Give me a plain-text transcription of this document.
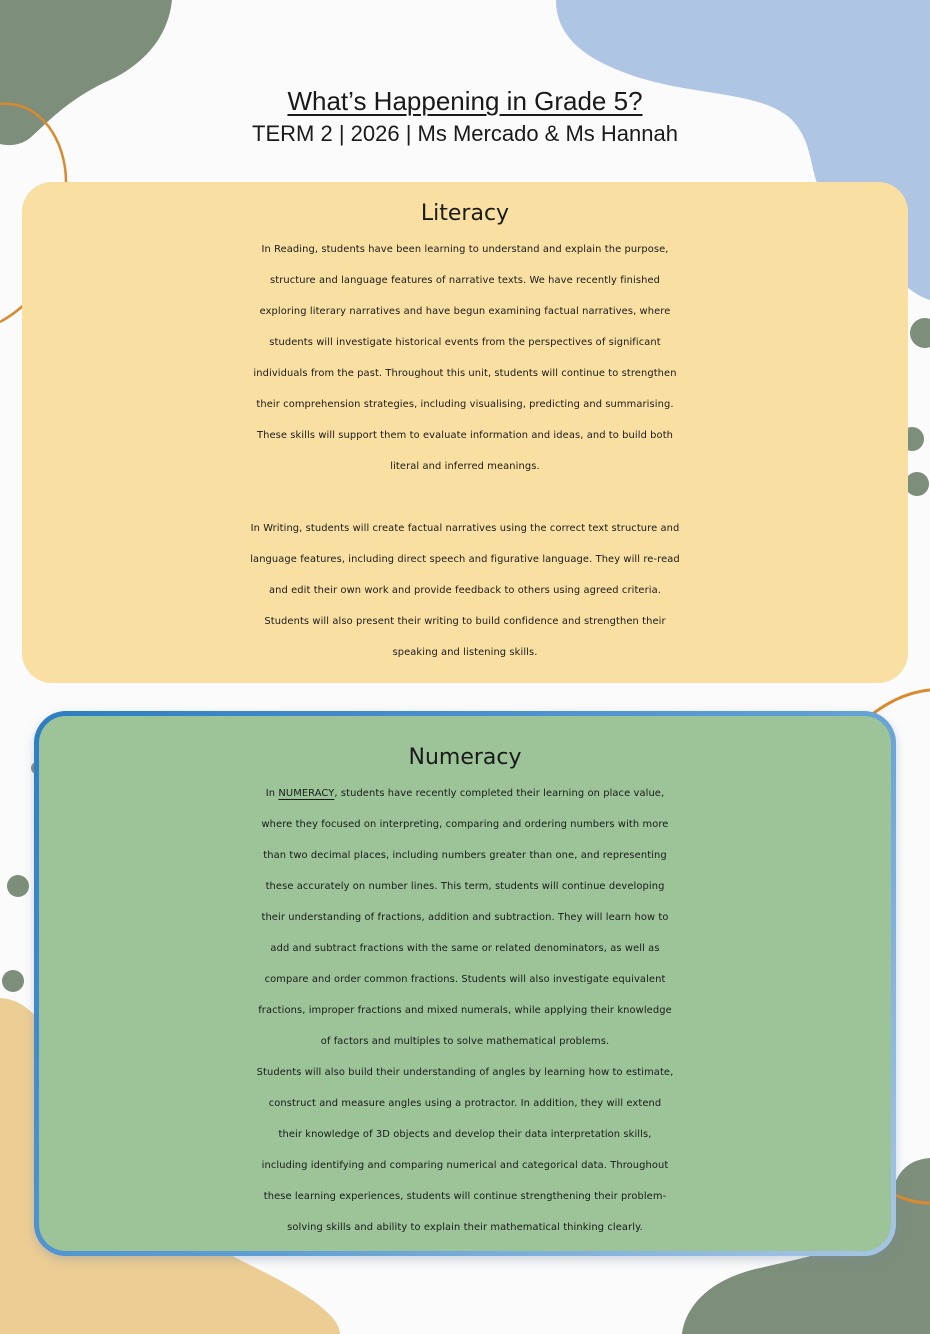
What’s Happening in Grade 5?
TERM 2 | 2026 | Ms Mercado & Ms Hannah
Literacy
In Reading, students have been learning to understand and explain the purpose,
structure and language features of narrative texts. We have recently finished
exploring literary narratives and have begun examining factual narratives, where
students will investigate historical events from the perspectives of significant
individuals from the past. Throughout this unit, students will continue to strengthen
their comprehension strategies, including visualising, predicting and summarising.
These skills will support them to evaluate information and ideas, and to build both
literal and inferred meanings.
In Writing, students will create factual narratives using the correct text structure and
language features, including direct speech and figurative language. They will re-read
and edit their own work and provide feedback to others using agreed criteria.
Students will also present their writing to build confidence and strengthen their
speaking and listening skills.
Numeracy
In NUMERACY, students have recently completed their learning on place value,
where they focused on interpreting, comparing and ordering numbers with more
than two decimal places, including numbers greater than one, and representing
these accurately on number lines. This term, students will continue developing
their understanding of fractions, addition and subtraction. They will learn how to
add and subtract fractions with the same or related denominators, as well as
compare and order common fractions. Students will also investigate equivalent
fractions, improper fractions and mixed numerals, while applying their knowledge
of factors and multiples to solve mathematical problems.
Students will also build their understanding of angles by learning how to estimate,
construct and measure angles using a protractor. In addition, they will extend
their knowledge of 3D objects and develop their data interpretation skills,
including identifying and comparing numerical and categorical data. Throughout
these learning experiences, students will continue strengthening their problem-
solving skills and ability to explain their mathematical thinking clearly.
